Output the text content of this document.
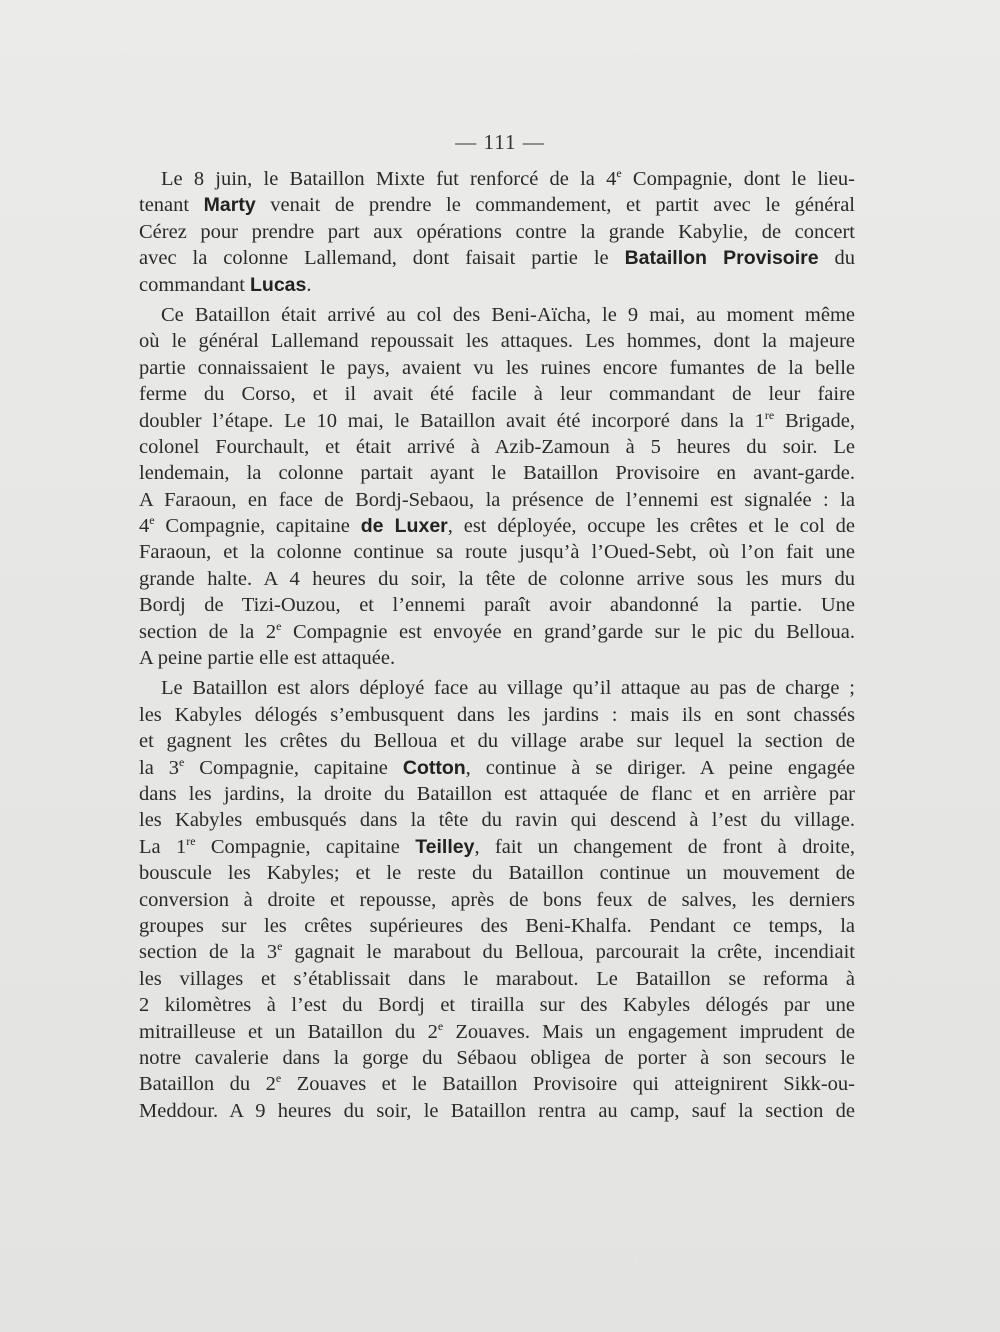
— 111 —
Le 8 juin, le Bataillon Mixte fut renforcé de la 4e Compagnie, dont le lieu-
tenant Marty venait de prendre le commandement, et partit avec le général
Cérez pour prendre part aux opérations contre la grande Kabylie, de concert
avec la colonne Lallemand, dont faisait partie le Bataillon Provisoire du
commandant Lucas.
Ce Bataillon était arrivé au col des Beni-Aïcha, le 9 mai, au moment même
où le général Lallemand repoussait les attaques. Les hommes, dont la majeure
partie connaissaient le pays, avaient vu les ruines encore fumantes de la belle
ferme du Corso, et il avait été facile à leur commandant de leur faire
doubler l’étape. Le 10 mai, le Bataillon avait été incorporé dans la 1re Brigade,
colonel Fourchault, et était arrivé à Azib-Zamoun à 5 heures du soir. Le
lendemain, la colonne partait ayant le Bataillon Provisoire en avant-garde.
A Faraoun, en face de Bordj-Sebaou, la présence de l’ennemi est signalée : la
4e Compagnie, capitaine de Luxer, est déployée, occupe les crêtes et le col de
Faraoun, et la colonne continue sa route jusqu’à l’Oued-Sebt, où l’on fait une
grande halte. A 4 heures du soir, la tête de colonne arrive sous les murs du
Bordj de Tizi-Ouzou, et l’ennemi paraît avoir abandonné la partie. Une
section de la 2e Compagnie est envoyée en grand’garde sur le pic du Belloua.
A peine partie elle est attaquée.
Le Bataillon est alors déployé face au village qu’il attaque au pas de charge ;
les Kabyles délogés s’embusquent dans les jardins : mais ils en sont chassés
et gagnent les crêtes du Belloua et du village arabe sur lequel la section de
la 3e Compagnie, capitaine Cotton, continue à se diriger. A peine engagée
dans les jardins, la droite du Bataillon est attaquée de flanc et en arrière par
les Kabyles embusqués dans la tête du ravin qui descend à l’est du village.
La 1re Compagnie, capitaine Teilley, fait un changement de front à droite,
bouscule les Kabyles; et le reste du Bataillon continue un mouvement de
conversion à droite et repousse, après de bons feux de salves, les derniers
groupes sur les crêtes supérieures des Beni-Khalfa. Pendant ce temps, la
section de la 3e gagnait le marabout du Belloua, parcourait la crête, incendiait
les villages et s’établissait dans le marabout. Le Bataillon se reforma à
2 kilomètres à l’est du Bordj et tirailla sur des Kabyles délogés par une
mitrailleuse et un Bataillon du 2e Zouaves. Mais un engagement imprudent de
notre cavalerie dans la gorge du Sébaou obligea de porter à son secours le
Bataillon du 2e Zouaves et le Bataillon Provisoire qui atteignirent Sikk-ou-
Meddour. A 9 heures du soir, le Bataillon rentra au camp, sauf la section de
